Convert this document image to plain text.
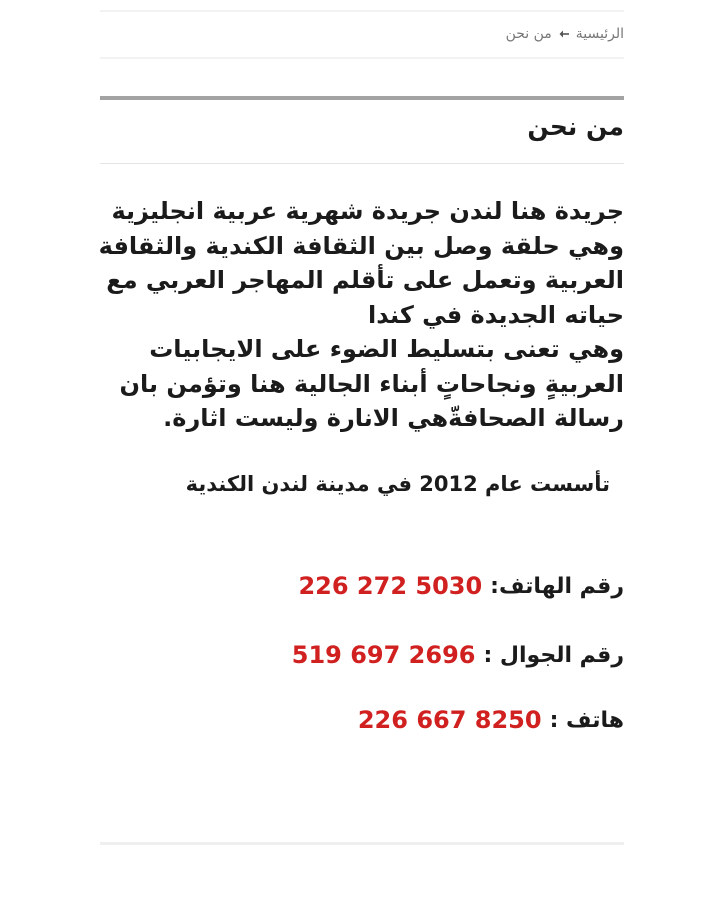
الرئيسية
من نحن
من نحن
جريدة هنا لندن جريدة شهرية عربية انجليزية
وهي حلقة وصل بين الثقافة الكندية والثقافة
العربية وتعمل على تأقلم المهاجر العربي مع
حياته الجديدة في كندا
وهي تعنى بتسليط الضوء على الايجابيات
العربيةٍ ونجاحاتٍ أبناء الجالية هنا وتؤمن بان
رسالة الصحافةّهي الانارة وليست اثارة.

تأسست عام 2012 في مدينة لندن الكندية

رقم الهاتف:
226 272 5030
رقم الجوال :
519 697 2696
هاتف :
226 667 8250
